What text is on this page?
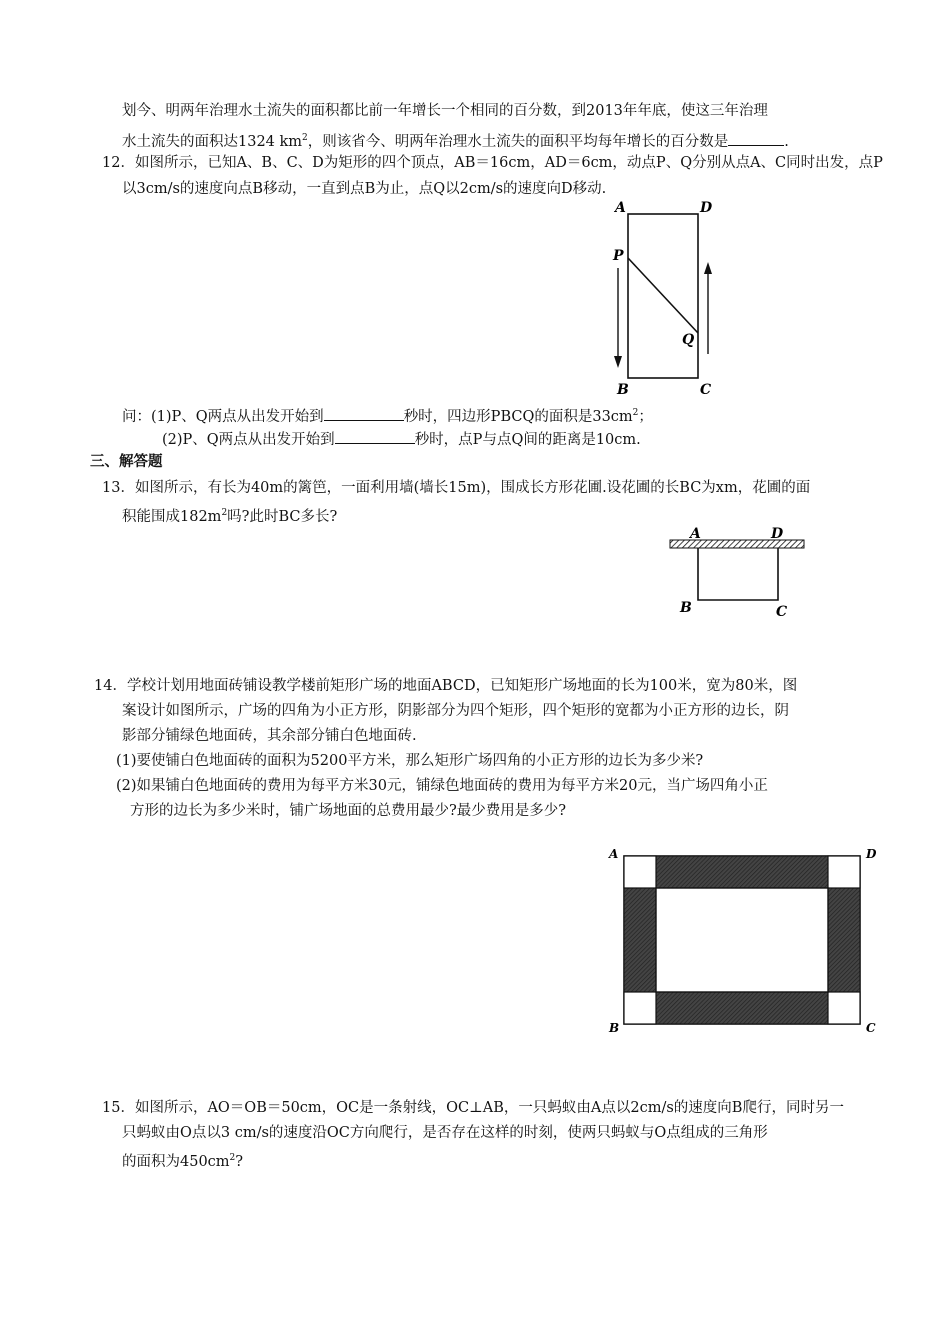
划今、明两年治理水土流失的面积都比前一年增长一个相同的百分数，到2013年年底，使这三年治理
水土流失的面积达1324 $km^2$，则该省今、明两年治理水土流失的面积平均每年增长的百分数是	.
12．如图所示，已知A、B、C、D为矩形的四个顶点，AB＝16cm，AD＝6cm，动点P、Q分别从点A、C同时出发，点P
以3cm/s的速度向点B移动，一直到点B为止，点Q以2cm/s的速度向D移动.
A	D
P
Q
B	C
问：(1)P、Q两点从出发开始到	秒时，四边形PBCQ的面积是$33cm^2$；
(2)P、Q两点从出发开始到	秒时，点P与点Q间的距离是10cm.
三、解答题
13．如图所示，有长为40m的篱笆，一面利用墙(墙长15m)，围成长方形花圃.设花圃的长BC为xm，花圃的面
积能围成$182m^2$吗?此时BC多长?
A	D
B	C
14．学校计划用地面砖铺设教学楼前矩形广场的地面ABCD，已知矩形广场地面的长为100米，宽为80米，图
案设计如图所示，广场的四角为小正方形，阴影部分为四个矩形，四个矩形的宽都为小正方形的边长，阴
影部分铺绿色地面砖，其余部分铺白色地面砖.
(1)要使铺白色地面砖的面积为5200平方米，那么矩形广场四角的小正方形的边长为多少米?
(2)如果铺白色地面砖的费用为每平方米30元，铺绿色地面砖的费用为每平方米20元，当广场四角小正
方形的边长为多少米时，铺广场地面的总费用最少?最少费用是多少?
A	D
B	C
15．如图所示，AO＝OB＝50cm，OC是一条射线，OC⊥AB，一只蚂蚁由A点以2cm/s的速度向B爬行，同时另一
只蚂蚁由O点以3 cm/s的速度沿OC方向爬行，是否存在这样的时刻，使两只蚂蚁与O点组成的三角形
的面积为$450cm^2$?
